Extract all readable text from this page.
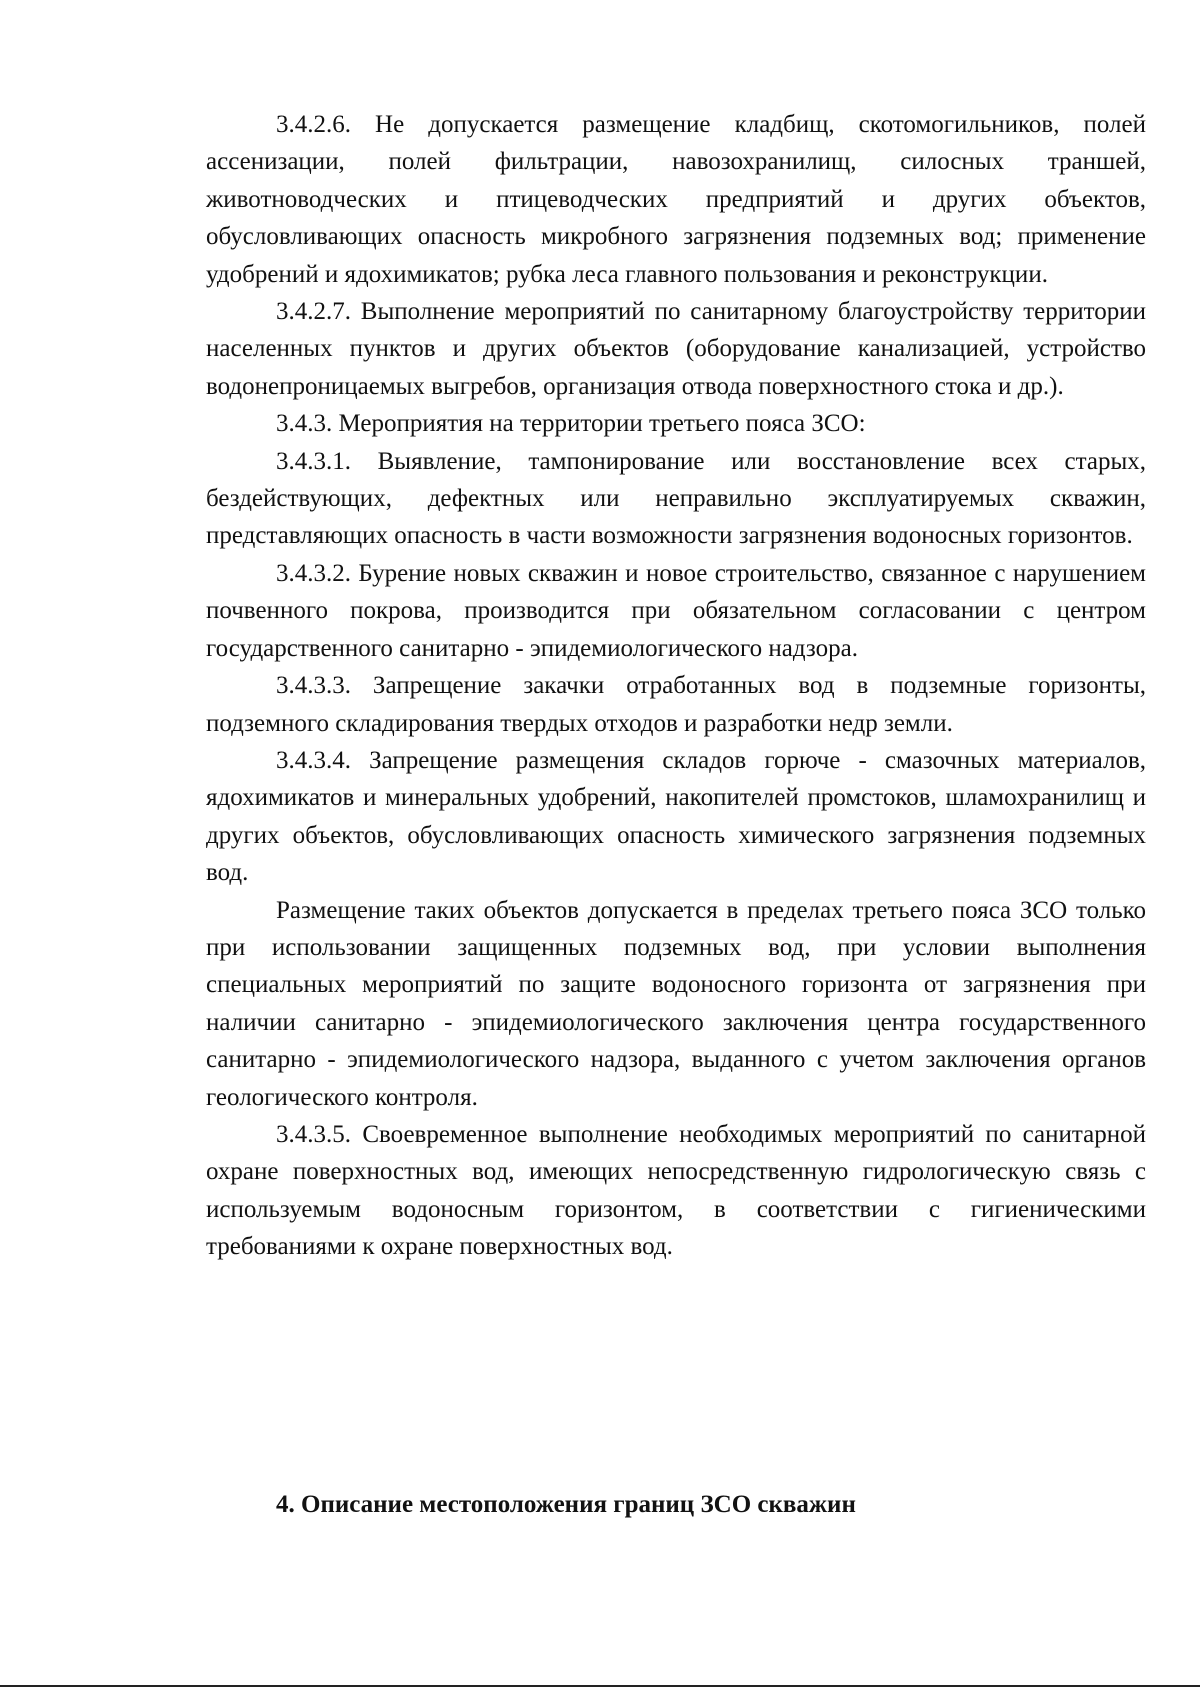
3.4.2.6. Не допускается размещение кладбищ, скотомогильников, полей ассенизации, полей фильтрации, навозохранилищ, силосных траншей, животноводческих и птицеводческих предприятий и других объектов, обусловливающих опасность микробного загрязнения подземных вод; применение удобрений и ядохимикатов; рубка леса главного пользования и реконструкции.

3.4.2.7. Выполнение мероприятий по санитарному благоустройству территории населенных пунктов и других объектов (оборудование канализацией, устройство водонепроницаемых выгребов, организация отвода поверхностного стока и др.).

3.4.3. Мероприятия на территории третьего пояса ЗСО:

3.4.3.1. Выявление, тампонирование или восстановление всех старых, бездействующих, дефектных или неправильно эксплуатируемых скважин, представляющих опасность в части возможности загрязнения водоносных горизонтов.

3.4.3.2. Бурение новых скважин и новое строительство, связанное с нарушением почвенного покрова, производится при обязательном согласовании с центром государственного санитарно - эпидемиологического надзора.

3.4.3.3. Запрещение закачки отработанных вод в подземные горизонты, подземного складирования твердых отходов и разработки недр земли.

3.4.3.4. Запрещение размещения складов горюче - смазочных материалов, ядохимикатов и минеральных удобрений, накопителей промстоков, шламохранилищ и других объектов, обусловливающих опасность химического загрязнения подземных вод.

Размещение таких объектов допускается в пределах третьего пояса ЗСО только при использовании защищенных подземных вод, при условии выполнения специальных мероприятий по защите водоносного горизонта от загрязнения при наличии санитарно - эпидемиологического заключения центра государственного санитарно - эпидемиологического надзора, выданного с учетом заключения органов геологического контроля.

3.4.3.5. Своевременное выполнение необходимых мероприятий по санитарной охране поверхностных вод, имеющих непосредственную гидрологическую связь с используемым водоносным горизонтом, в соответствии с гигиеническими требованиями к охране поверхностных вод.

4. Описание местоположения границ ЗСО скважин
